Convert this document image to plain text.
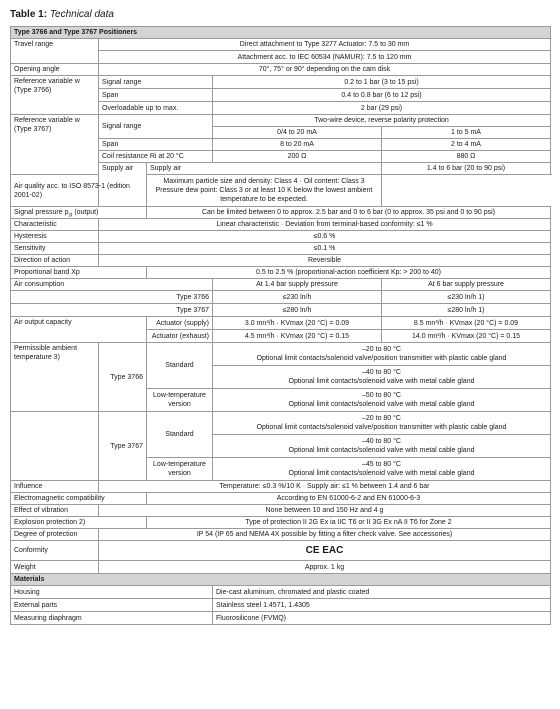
Table 1: Technical data
Type 3766 and Type 3767 Positioners				
Travel range	Direct attachment to Type 3277 Actuator: 7.5 to 30 mm			
	Attachment acc. to IEC 60534 (NAMUR): 7.5 to 120 mm			
Opening angle	70°, 75° or 90° depending on the cam disk			
Reference variable w (Type 3766)	Signal range		0.2 to 1 bar (3 to 15 psi)	
	Span		0.4 to 0.8 bar (6 to 12 psi)	
	Overloadable up to max.		2 bar (29 psi)	
Reference variable w (Type 3767)	Signal range		Two-wire device, reverse polarity protection	
			0/4 to 20 mA	1 to 5 mA
	Span		8 to 20 mA	2 to 4 mA
	Coil resistance Ri at 20 °C		200 Ω	880 Ω
	Supply air	Supply air		1.4 to 6 bar (20 to 90 psi)
Air quality acc. to ISO 8573-1 (edition 2001-02)		Maximum particle size and density: Class 4 · Oil content: Class 3
Pressure dew point: Class 3 or at least 10 K below the lowest ambient temperature to be expected.		

Signal pressure $p_{st}$ (output)		Can be limited between 0 to approx. 2.5 bar and 0 to 6 bar (0 to approx. 35 psi and 0 to 90 psi)		
Characteristic	Linear characteristic · Deviation from terminal-based conformity: ≤1 %			
Hysteresis	≤0.6 %			
Sensitivity	≤0.1 %			
Direction of action	Reversible			
Proportional band Xp		0.5 to 2.5 % (proportional-action coefficient Kp: > 200 to 40)		
Air consumption			At 1.4 bar supply pressure	At 6 bar supply pressure
Type 3766			≤230 ln/h	≤230 ln/h 1)
Type 3767			≤280 ln/h	≤280 ln/h 1)
Air output capacity		Actuator (supply)	3.0 mn³/h · KVmax (20 °C) = 0.09	8.5 mn³/h · KVmax (20 °C) = 0.09
		Actuator (exhaust)	4.5 mn³/h · KVmax (20 °C) = 0.15	14.0 mn³/h · KVmax (20 °C) = 0.15
Permissible ambient temperature 3)	Type 3766	Standard	–20 to 80 °C
Optional limit contacts/solenoid valve/position transmitter with plastic cable gland	

			–40 to 80 °C
Optional limit contacts/solenoid valve with metal cable gland	

		Low-temperature version	–50 to 80 °C
Optional limit contacts/solenoid valve with metal cable gland	

	Type 3767	Standard	–20 to 80 °C
Optional limit contacts/solenoid valve/position transmitter with plastic cable gland	

			–40 to 80 °C
Optional limit contacts/solenoid valve with metal cable gland	

		Low-temperature version	–45 to 80 °C
Optional limit contacts/solenoid valve with metal cable gland	

Influence	Temperature: ≤0.3 %/10 K · Supply air: ≤1 % between 1.4 and 6 bar			
Electromagnetic compatibility		According to EN 61000-6-2 and EN 61000-6-3		
Effect of vibration	None between 10 and 150 Hz and 4 g			
Explosion protection 2)		Type of protection II 2G Ex ia IIC T6 or II 3G Ex nA II T6 for Zone 2		
Degree of protection	IP 54 (IP 65 and NEMA 4X possible by fitting a filter check valve. See accessories)			
Conformity	CE EAC			
Weight	Approx. 1 kg			
Materials				
Housing			Die-cast aluminum, chromated and plastic coated	
External parts			Stainless steel 1.4571, 1.4305	
Measuring diaphragm			Fluorosilicone (FVMQ)	
